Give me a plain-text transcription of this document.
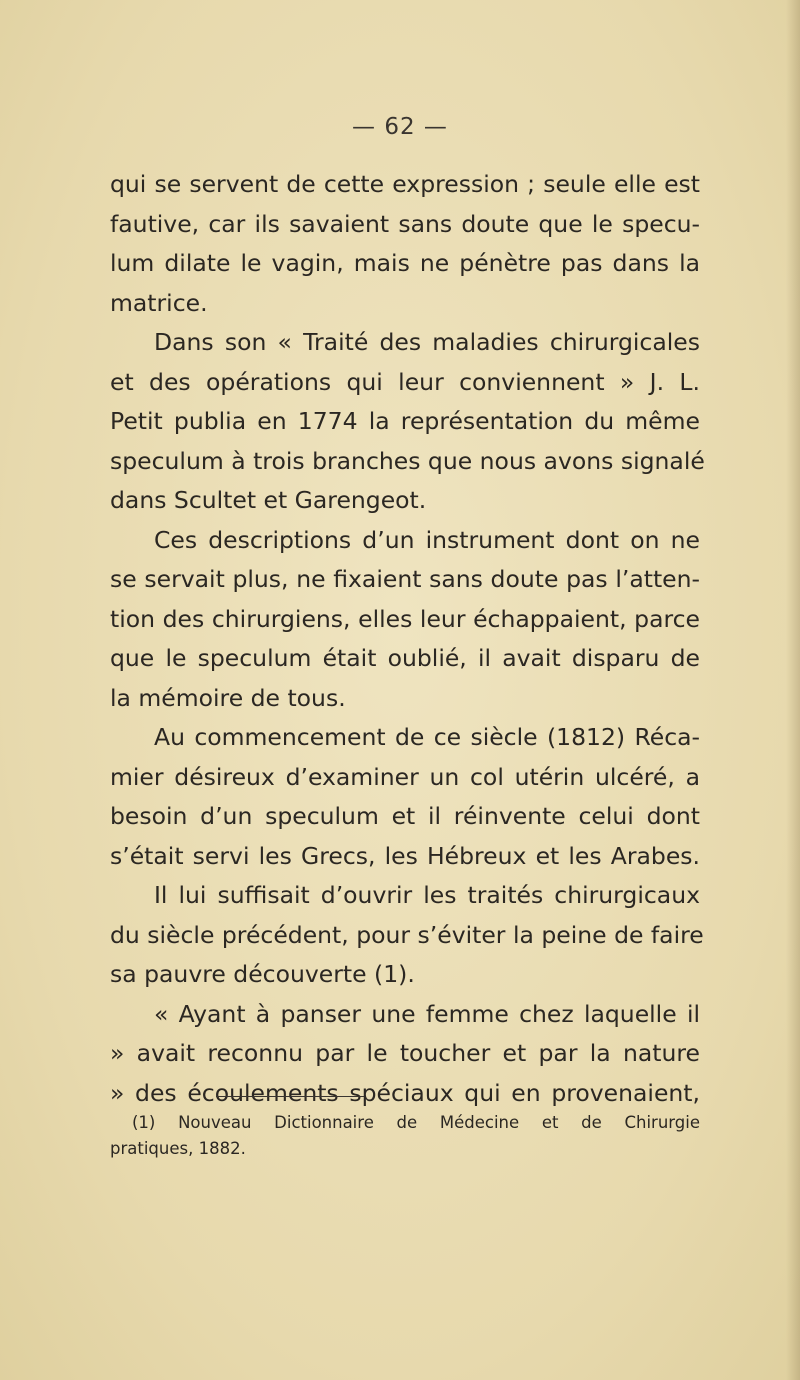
— 62 —
qui se servent de cette expression ; seule elle est
fautive, car ils savaient sans doute que le specu-
lum dilate le vagin, mais ne pénètre pas dans la
matrice.
Dans son « Traité des maladies chirurgicales
et des opérations qui leur conviennent » J. L.
Petit publia en 1774 la représentation du même
speculum à trois branches que nous avons signalé
dans Scultet et Garengeot.
Ces descriptions d’un instrument dont on ne
se servait plus, ne fixaient sans doute pas l’atten-
tion des chirurgiens, elles leur échappaient, parce
que le speculum était oublié, il avait disparu de
la mémoire de tous.
Au commencement de ce siècle (1812) Réca-
mier désireux d’examiner un col utérin ulcéré, a
besoin d’un speculum et il réinvente celui dont
s’était servi les Grecs, les Hébreux et les Arabes.
Il lui suffisait d’ouvrir les traités chirurgicaux
du siècle précédent, pour s’éviter la peine de faire
sa pauvre découverte (1).
« Ayant à panser une femme chez laquelle il
» avait reconnu par le toucher et par la nature
» des écoulements spéciaux qui en provenaient,
(1) Nouveau Dictionnaire de Médecine et de Chirurgie
pratiques, 1882.
